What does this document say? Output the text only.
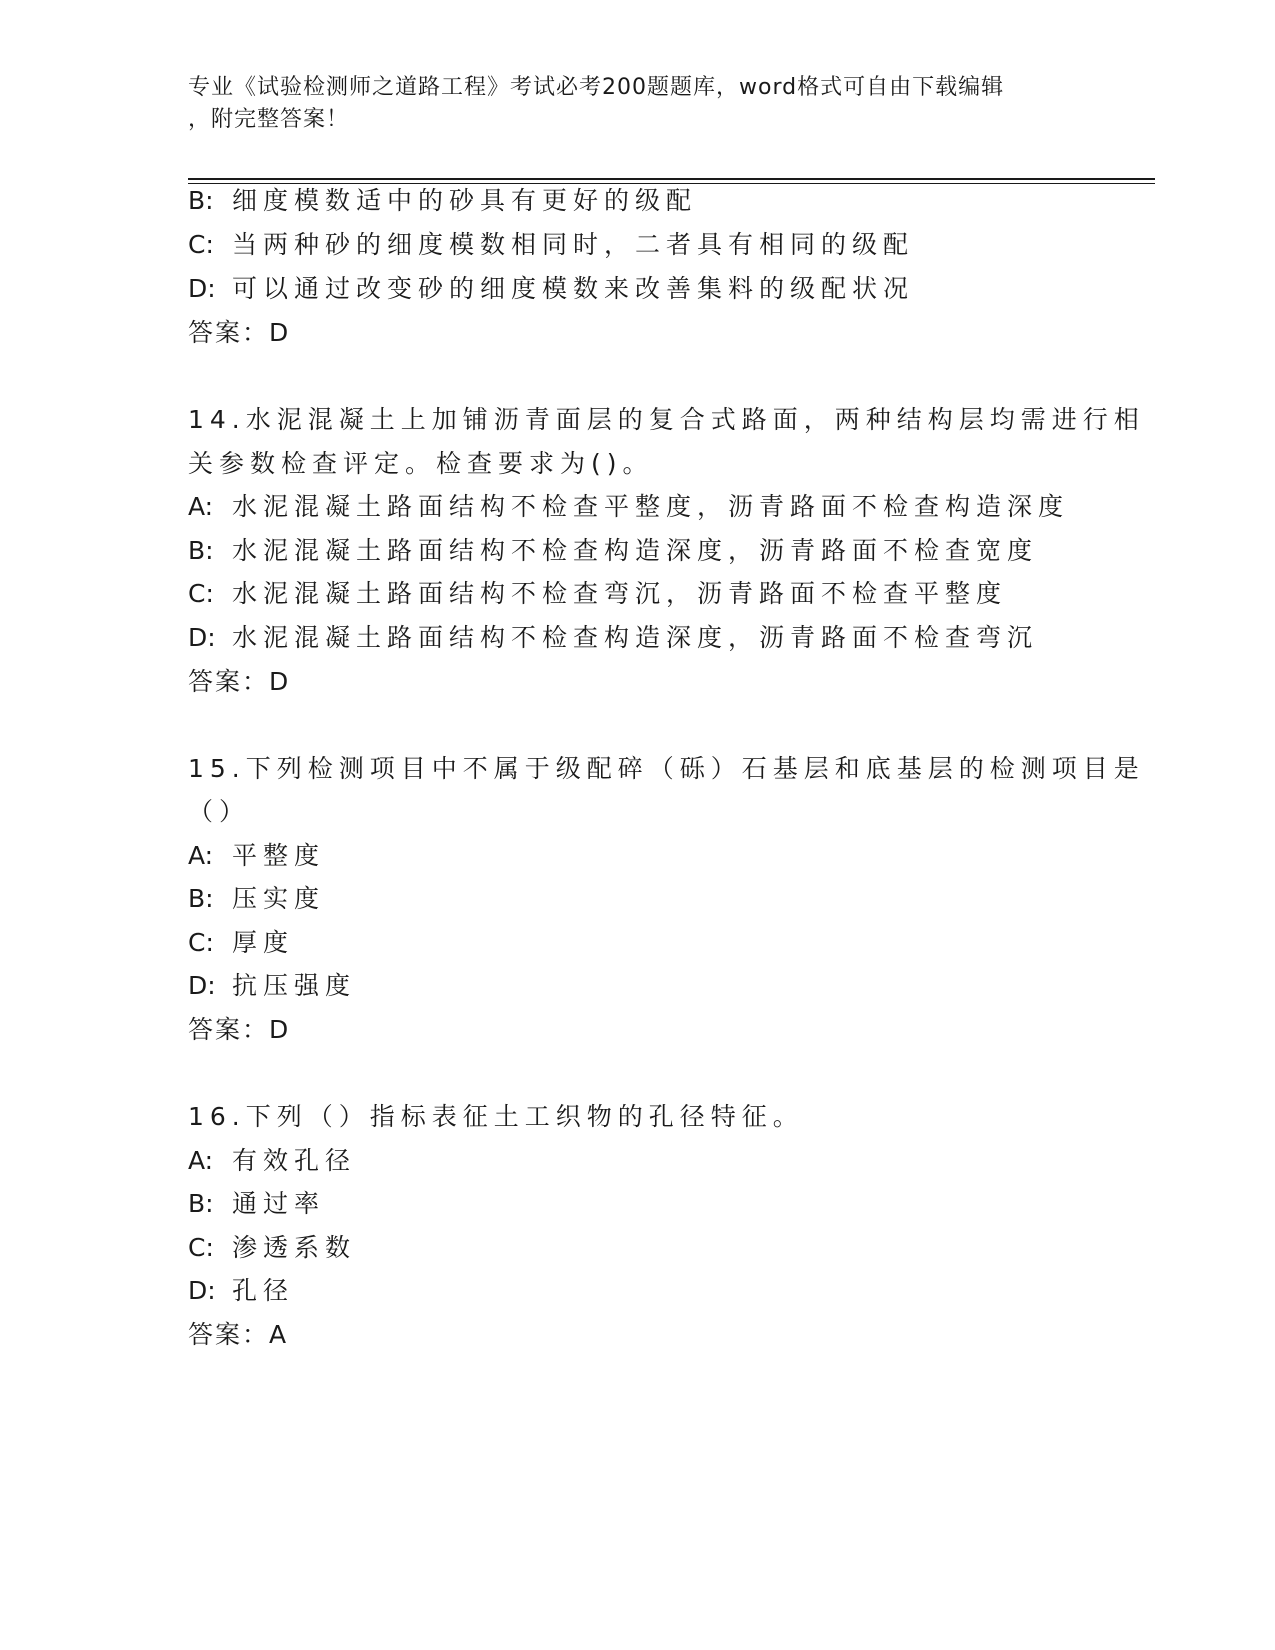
专业《试验检测师之道路工程》考试必考200题题库，word格式可自由下载编辑
，附完整答案！
B: 细度模数适中的砂具有更好的级配
C: 当两种砂的细度模数相同时，二者具有相同的级配
D: 可以通过改变砂的细度模数来改善集料的级配状况
答案：D
14.水泥混凝土上加铺沥青面层的复合式路面，两种结构层均需进行相
关参数检查评定。检查要求为()。
A: 水泥混凝土路面结构不检查平整度，沥青路面不检查构造深度
B: 水泥混凝土路面结构不检查构造深度，沥青路面不检查宽度
C: 水泥混凝土路面结构不检查弯沉，沥青路面不检查平整度
D: 水泥混凝土路面结构不检查构造深度，沥青路面不检查弯沉
答案：D
15.下列检测项目中不属于级配碎（砾）石基层和底基层的检测项目是
（）
A: 平整度
B: 压实度
C: 厚度
D: 抗压强度
答案：D
16.下列（）指标表征土工织物的孔径特征。
A: 有效孔径
B: 通过率
C: 渗透系数
D: 孔径
答案：A
